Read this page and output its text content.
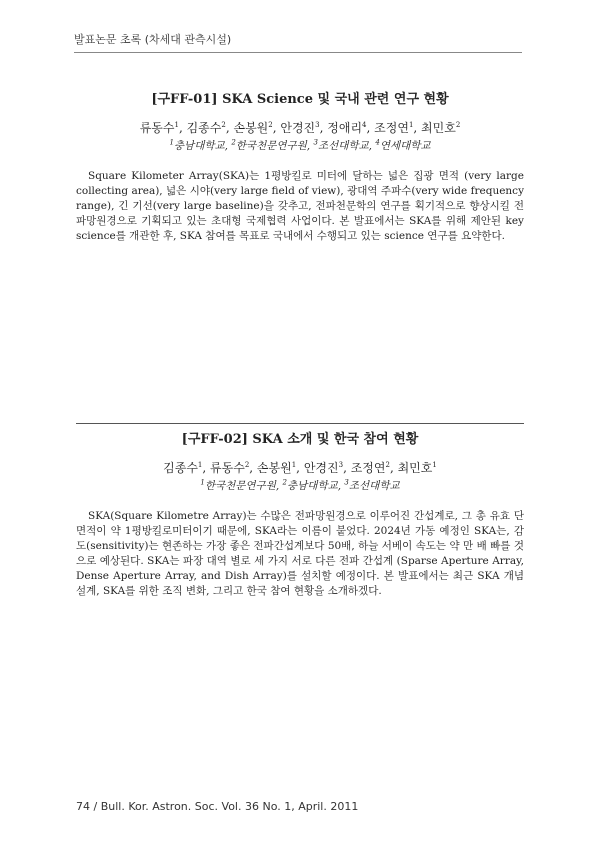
발표논문 초록 (차세대 관측시설)
[구FF-01] SKA Science 및 국내 관련 연구 현황

류동수$^1$, 김종수$^2$, 손봉원$^2$, 안경진$^3$, 정애리$^4$, 조정연$^1$, 최민호$^2$

$^1$충남대학교, $^2$한국천문연구원, $^3$조선대학교, $^4$연세대학교

Square Kilometer Array(SKA)는 1평방킬로 미터에 달하는 넓은 집광 면적 (very large collecting area), 넓은 시야(very large field of view), 광대역 주파수(very wide frequency range), 긴 기선(very large baseline)을 갖추고, 전파천문학의 연구를 획기적으로 향상시킬 전파망원경으로 기획되고 있는 초대형 국제협력 사업이다. 본 발표에서는 SKA를 위해 제안된 key science를 개관한 후, SKA 참여를 목표로 국내에서 수행되고 있는 science 연구를 요약한다.

[구FF-02] SKA 소개 및 한국 참여 현황

김종수$^1$, 류동수$^2$, 손봉원$^1$, 안경진$^3$, 조정연$^2$, 최민호$^1$

$^1$한국천문연구원, $^2$충남대학교, $^3$조선대학교

SKA(Square Kilometre Array)는 수많은 전파망원경으로 이루어진 간섭계로, 그 총 유효 단면적이 약 1평방킬로미터이기 때문에, SKA라는 이름이 붙었다. 2024년 가동 예정인 SKA는, 감도(sensitivity)는 현존하는 가장 좋은 전파간섭계보다 50배, 하늘 서베이 속도는 약 만 배 빠를 것으로 예상된다. SKA는 파장 대역 별로 세 가지 서로 다른 전파 간섭계 (Sparse Aperture Array, Dense Aperture Array, and Dish Array)를 설치할 예정이다. 본 발표에서는 최근 SKA 개념 설계, SKA를 위한 조직 변화, 그리고 한국 참여 현황을 소개하겠다.

74 / Bull. Kor. Astron. Soc. Vol. 36 No. 1, April. 2011
